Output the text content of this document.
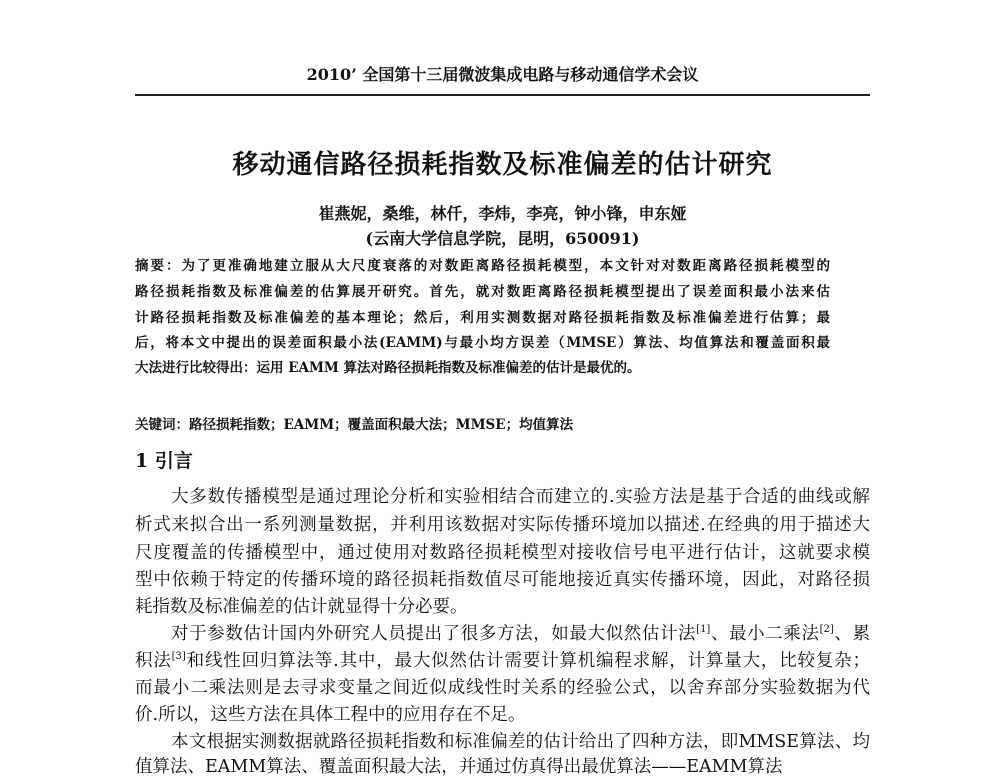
2010’ 全国第十三届微波集成电路与移动通信学术会议
移动通信路径损耗指数及标准偏差的估计研究
崔燕妮，桑维，林仟，李炜，李亮，钟小锋，申东娅
(云南大学信息学院，昆明，650091)
摘要：为了更准确地建立服从大尺度衰落的对数距离路径损耗模型，本文针对对数距离路径损耗模型的
路径损耗指数及标准偏差的估算展开研究。首先，就对数距离路径损耗模型提出了误差面积最小法来估
计路径损耗指数及标准偏差的基本理论；然后，利用实测数据对路径损耗指数及标准偏差进行估算；最
后，将本文中提出的误差面积最小法(EAMM)与最小均方误差（MMSE）算法、均值算法和覆盖面积最
大法进行比较得出：运用 EAMM 算法对路径损耗指数及标准偏差的估计是最优的。
关键词：路径损耗指数；EAMM；覆盖面积最大法；MMSE；均值算法
1 引言
大多数传播模型是通过理论分析和实验相结合而建立的.实验方法是基于合适的曲线或解
析式来拟合出一系列测量数据，并利用该数据对实际传播环境加以描述.在经典的用于描述大
尺度覆盖的传播模型中，通过使用对数路径损耗模型对接收信号电平进行估计，这就要求模
型中依赖于特定的传播环境的路径损耗指数值尽可能地接近真实传播环境，因此，对路径损
耗指数及标准偏差的估计就显得十分必要。
对于参数估计国内外研究人员提出了很多方法，如最大似然估计法[1]、最小二乘法[2]、累
积法[3]和线性回归算法等.其中，最大似然估计需要计算机编程求解，计算量大，比较复杂；
而最小二乘法则是去寻求变量之间近似成线性时关系的经验公式，以舍弃部分实验数据为代
价.所以，这些方法在具体工程中的应用存在不足。
本文根据实测数据就路径损耗指数和标准偏差的估计给出了四种方法，即MMSE算法、均
值算法、EAMM算法、覆盖面积最大法，并通过仿真得出最优算法——EAMM算法
